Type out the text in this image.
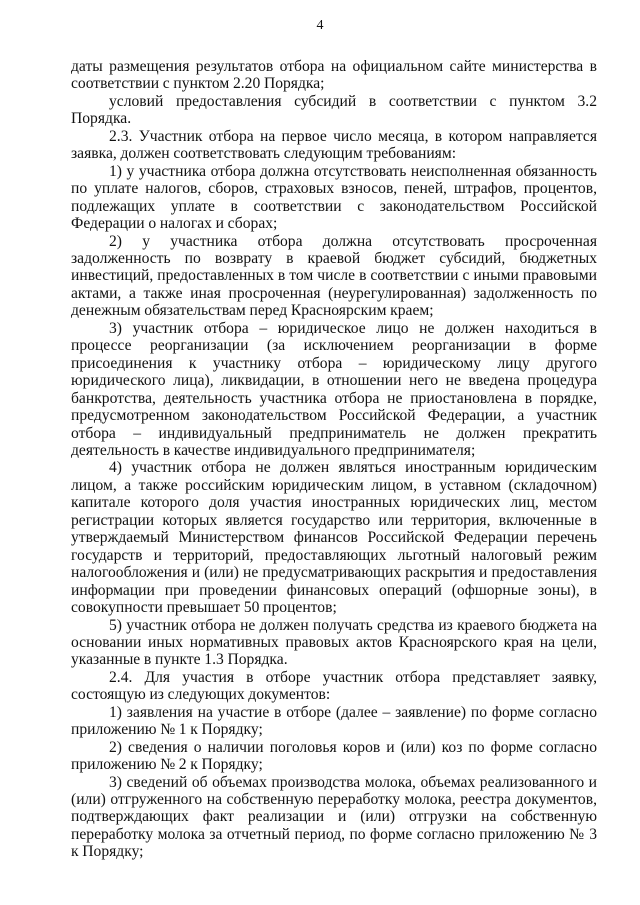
4

даты размещения результатов отбора на официальном сайте министерства в соответствии с пунктом 2.20 Порядка;

условий предоставления субсидий в соответствии с пунктом 3.2 Порядка.

2.3. Участник отбора на первое число месяца, в котором направляется заявка, должен соответствовать следующим требованиям:

1) у участника отбора должна отсутствовать неисполненная обязанность по уплате налогов, сборов, страховых взносов, пеней, штрафов, процентов, подлежащих уплате в соответствии с законодательством Российской Федерации о налогах и сборах;

2) у участника отбора должна отсутствовать просроченная задолженность по возврату в краевой бюджет субсидий, бюджетных инвестиций, предоставленных в том числе в соответствии с иными правовыми актами, а также иная просроченная (неурегулированная) задолженность по денежным обязательствам перед Красноярским краем;

3) участник отбора – юридическое лицо не должен находиться в процессе реорганизации (за исключением реорганизации в форме присоединения к участнику отбора – юридическому лицу другого юридического лица), ликвидации, в отношении него не введена процедура банкротства, деятельность участника отбора не приостановлена в порядке, предусмотренном законодательством Российской Федерации, а участник отбора – индивидуальный предприниматель не должен прекратить деятельность в качестве индивидуального предпринимателя;

4) участник отбора не должен являться иностранным юридическим лицом, а также российским юридическим лицом, в уставном (складочном) капитале которого доля участия иностранных юридических лиц, местом регистрации которых является государство или территория, включенные в утверждаемый Министерством финансов Российской Федерации перечень государств и территорий, предоставляющих льготный налоговый режим налогообложения и (или) не предусматривающих раскрытия и предоставления информации при проведении финансовых операций (офшорные зоны), в совокупности превышает 50 процентов;

5) участник отбора не должен получать средства из краевого бюджета на основании иных нормативных правовых актов Красноярского края на цели, указанные в пункте 1.3 Порядка.

2.4. Для участия в отборе участник отбора представляет заявку, состоящую из следующих документов:

1) заявления на участие в отборе (далее – заявление) по форме согласно приложению № 1 к Порядку;

2) сведения о наличии поголовья коров и (или) коз по форме согласно приложению № 2 к Порядку;

3) сведений об объемах производства молока, объемах реализованного и (или) отгруженного на собственную переработку молока, реестра документов, подтверждающих факт реализации и (или) отгрузки на собственную переработку молока за отчетный период, по форме согласно приложению № 3 к Порядку;
